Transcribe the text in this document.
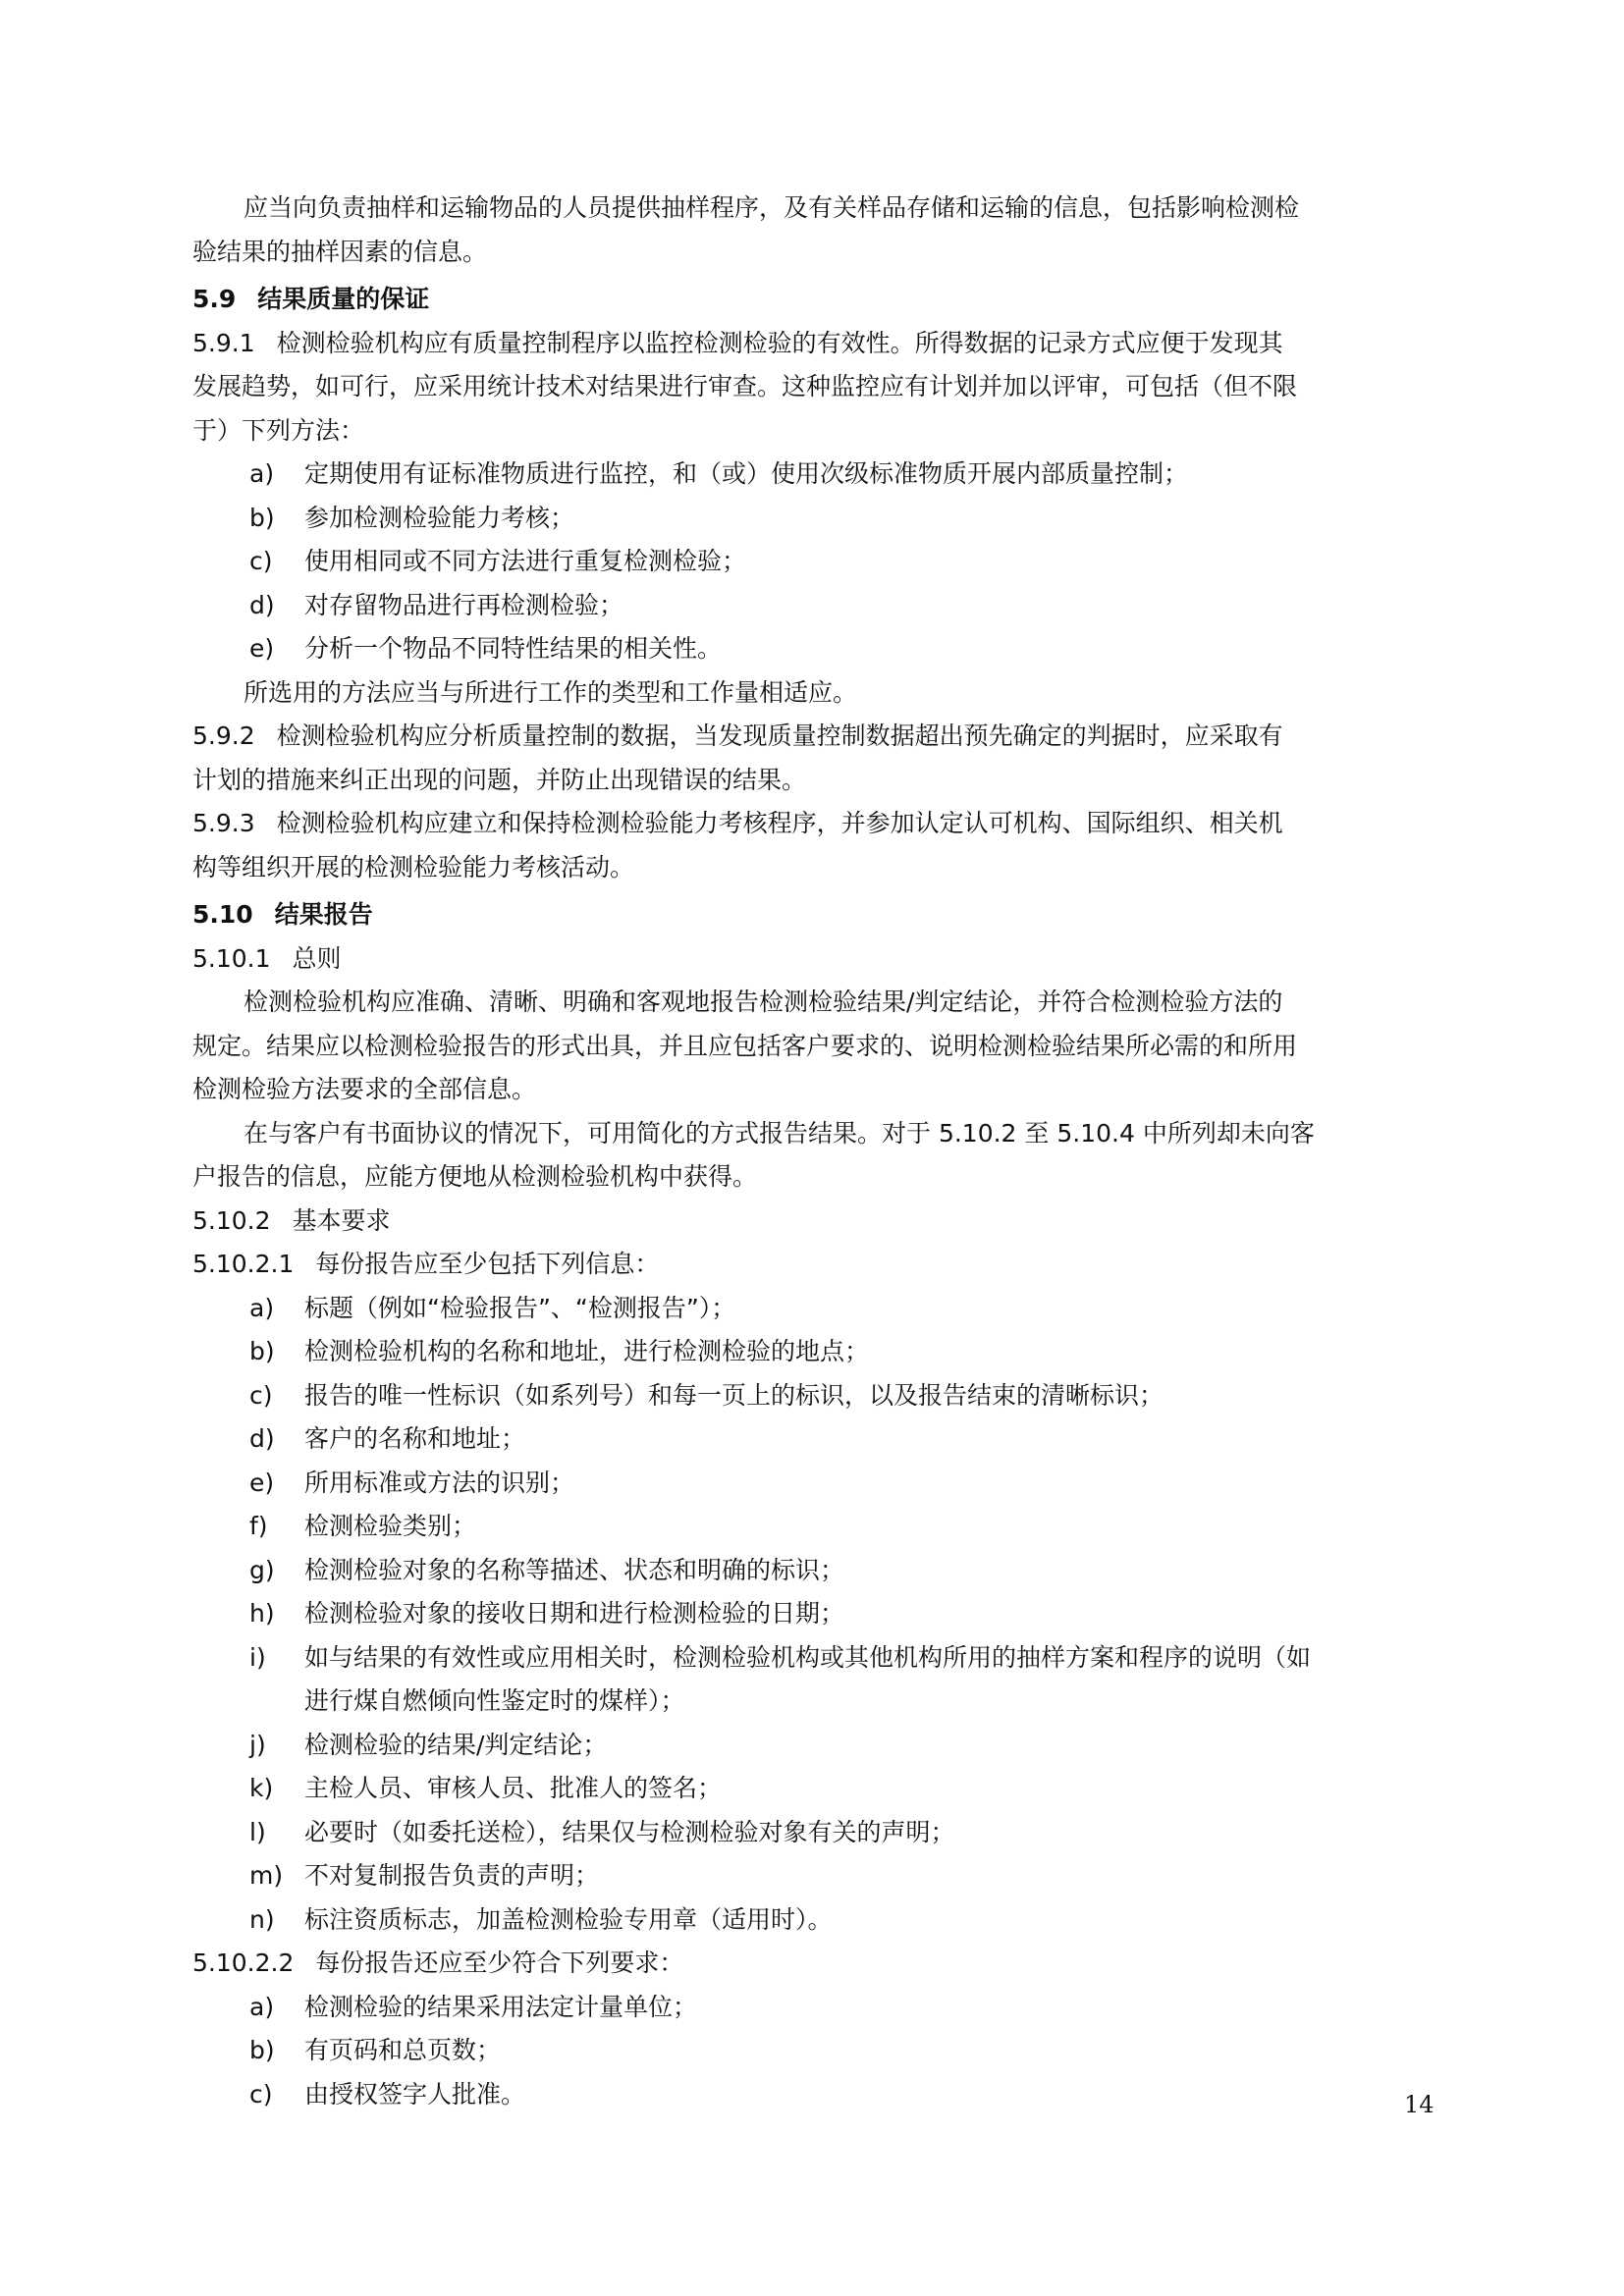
应当向负责抽样和运输物品的人员提供抽样程序，及有关样品存储和运输的信息，包括影响检测检
验结果的抽样因素的信息。
5.9 结果质量的保证
5.9.1 检测检验机构应有质量控制程序以监控检测检验的有效性。所得数据的记录方式应便于发现其
发展趋势，如可行，应采用统计技术对结果进行审查。这种监控应有计划并加以评审，可包括（但不限
于）下列方法：
a)	定期使用有证标准物质进行监控，和（或）使用次级标准物质开展内部质量控制；
b)	参加检测检验能力考核；
c)	使用相同或不同方法进行重复检测检验；
d)	对存留物品进行再检测检验；
e)	分析一个物品不同特性结果的相关性。
所选用的方法应当与所进行工作的类型和工作量相适应。
5.9.2 检测检验机构应分析质量控制的数据，当发现质量控制数据超出预先确定的判据时，应采取有
计划的措施来纠正出现的问题，并防止出现错误的结果。
5.9.3 检测检验机构应建立和保持检测检验能力考核程序，并参加认定认可机构、国际组织、相关机
构等组织开展的检测检验能力考核活动。
5.10 结果报告
5.10.1 总则
检测检验机构应准确、清晰、明确和客观地报告检测检验结果/判定结论，并符合检测检验方法的
规定。结果应以检测检验报告的形式出具，并且应包括客户要求的、说明检测检验结果所必需的和所用
检测检验方法要求的全部信息。
在与客户有书面协议的情况下，可用简化的方式报告结果。对于 5.10.2 至 5.10.4 中所列却未向客
户报告的信息，应能方便地从检测检验机构中获得。
5.10.2 基本要求
5.10.2.1 每份报告应至少包括下列信息：
a)	标题（例如“检验报告”、“检测报告”）；
b)	检测检验机构的名称和地址，进行检测检验的地点；
c)	报告的唯一性标识（如系列号）和每一页上的标识，以及报告结束的清晰标识；
d)	客户的名称和地址；
e)	所用标准或方法的识别；
f)	检测检验类别；
g)	检测检验对象的名称等描述、状态和明确的标识；
h)	检测检验对象的接收日期和进行检测检验的日期；
i)	如与结果的有效性或应用相关时，检测检验机构或其他机构所用的抽样方案和程序的说明（如
进行煤自燃倾向性鉴定时的煤样）；
j)	检测检验的结果/判定结论；
k)	主检人员、审核人员、批准人的签名；
l)	必要时（如委托送检），结果仅与检测检验对象有关的声明；
m) 不对复制报告负责的声明；
n)	标注资质标志，加盖检测检验专用章（适用时）。
5.10.2.2 每份报告还应至少符合下列要求：
a)	检测检验的结果采用法定计量单位；
b)	有页码和总页数；
c)	由授权签字人批准。	14
